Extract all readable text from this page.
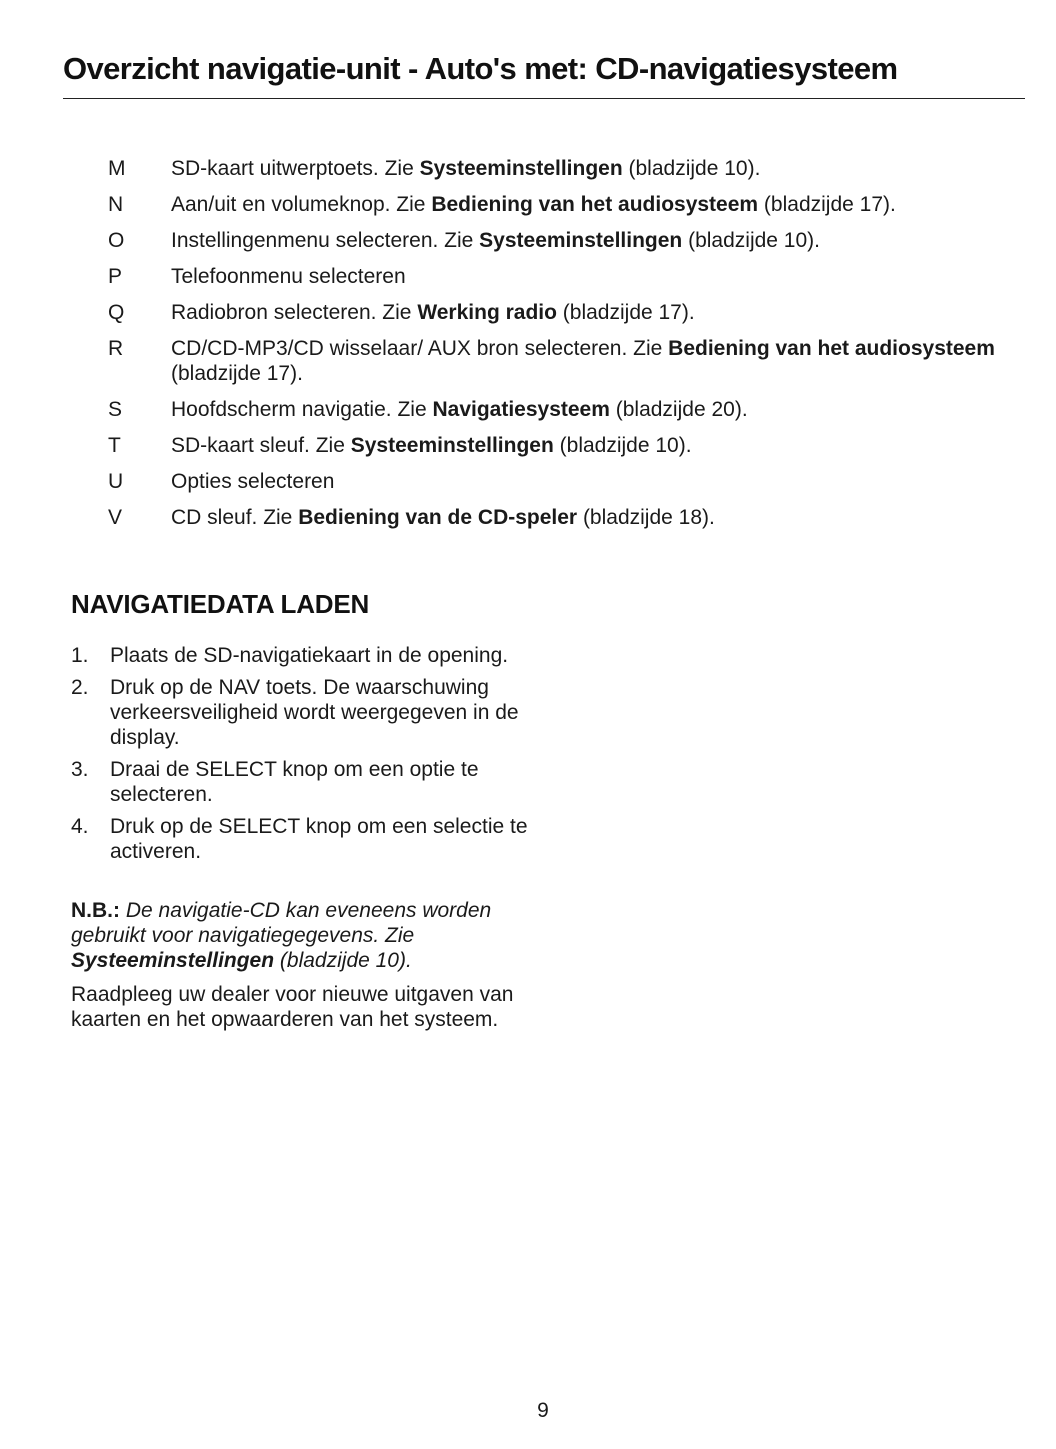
Overzicht navigatie-unit - Auto's met: CD-navigatiesysteem
M	SD-kaart uitwerptoets. Zie Systeeminstellingen (bladzijde 10).
N	Aan/uit en volumeknop. Zie Bediening van het audiosysteem (bladzijde 17).
O	Instellingenmenu selecteren. Zie Systeeminstellingen (bladzijde 10).
P	Telefoonmenu selecteren
Q	Radiobron selecteren. Zie Werking radio (bladzijde 17).
R	CD/CD-MP3/CD wisselaar/ AUX bron selecteren. Zie Bediening van het audiosysteem (bladzijde 17).
S	Hoofdscherm navigatie. Zie Navigatiesysteem (bladzijde 20).
T	SD-kaart sleuf. Zie Systeeminstellingen (bladzijde 10).
U	Opties selecteren
V	CD sleuf. Zie Bediening van de CD-speler (bladzijde 18).
NAVIGATIEDATA LADEN
1.	Plaats de SD-navigatiekaart in de opening.
2.	Druk op de NAV toets. De waarschuwing verkeersveiligheid wordt weergegeven in de display.
3.	Draai de SELECT knop om een optie te selecteren.
4.	Druk op de SELECT knop om een selectie te activeren.

N.B.: De navigatie-CD kan eveneens worden gebruikt voor navigatiegegevens. Zie Systeeminstellingen (bladzijde 10).

Raadpleeg uw dealer voor nieuwe uitgaven van kaarten en het opwaarderen van het systeem.

9
